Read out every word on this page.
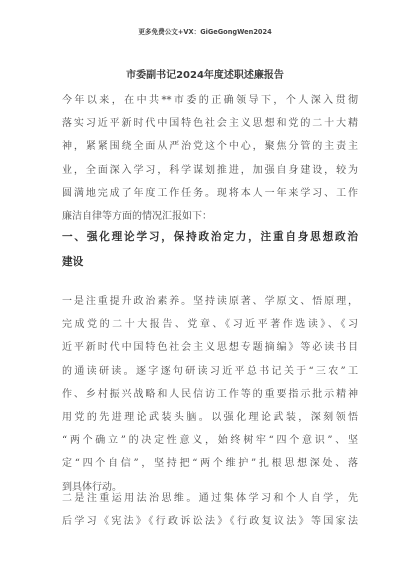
更多免费公文+VX：GiGeGongWen2024
市委副书记2024年度述职述廉报告
今年以来，在中共**市委的正确领导下，个人深入贯彻
落实习近平新时代中国特色社会主义思想和党的二十大精
神，紧紧围绕全面从严治党这个中心，聚焦分管的主责主
业，全面深入学习，科学谋划推进，加强自身建设，较为
圆满地完成了年度工作任务。现将本人一年来学习、工作
廉洁自律等方面的情况汇报如下：
一、强化理论学习，保持政治定力，注重自身思想政治
建设
一是注重提升政治素养。坚持读原著、学原文、悟原理，
完成党的二十大报告、党章、《习近平著作选读》、《习
近平新时代中国特色社会主义思想专题摘编》等必读书目
的通读研读。逐字逐句研读习近平总书记关于“三农”工
作、乡村振兴战略和人民信访工作等的重要指示批示精神
用党的先进理论武装头脑。以强化理论武装，深刻领悟
“两个确立”的决定性意义，始终树牢“四个意识”、坚
定“四个自信”，坚持把“两个维护”扎根思想深处、落
到具体行动。
二是注重运用法治思维。通过集体学习和个人自学，先
后学习《宪法》《行政诉讼法》《行政复议法》等国家法
